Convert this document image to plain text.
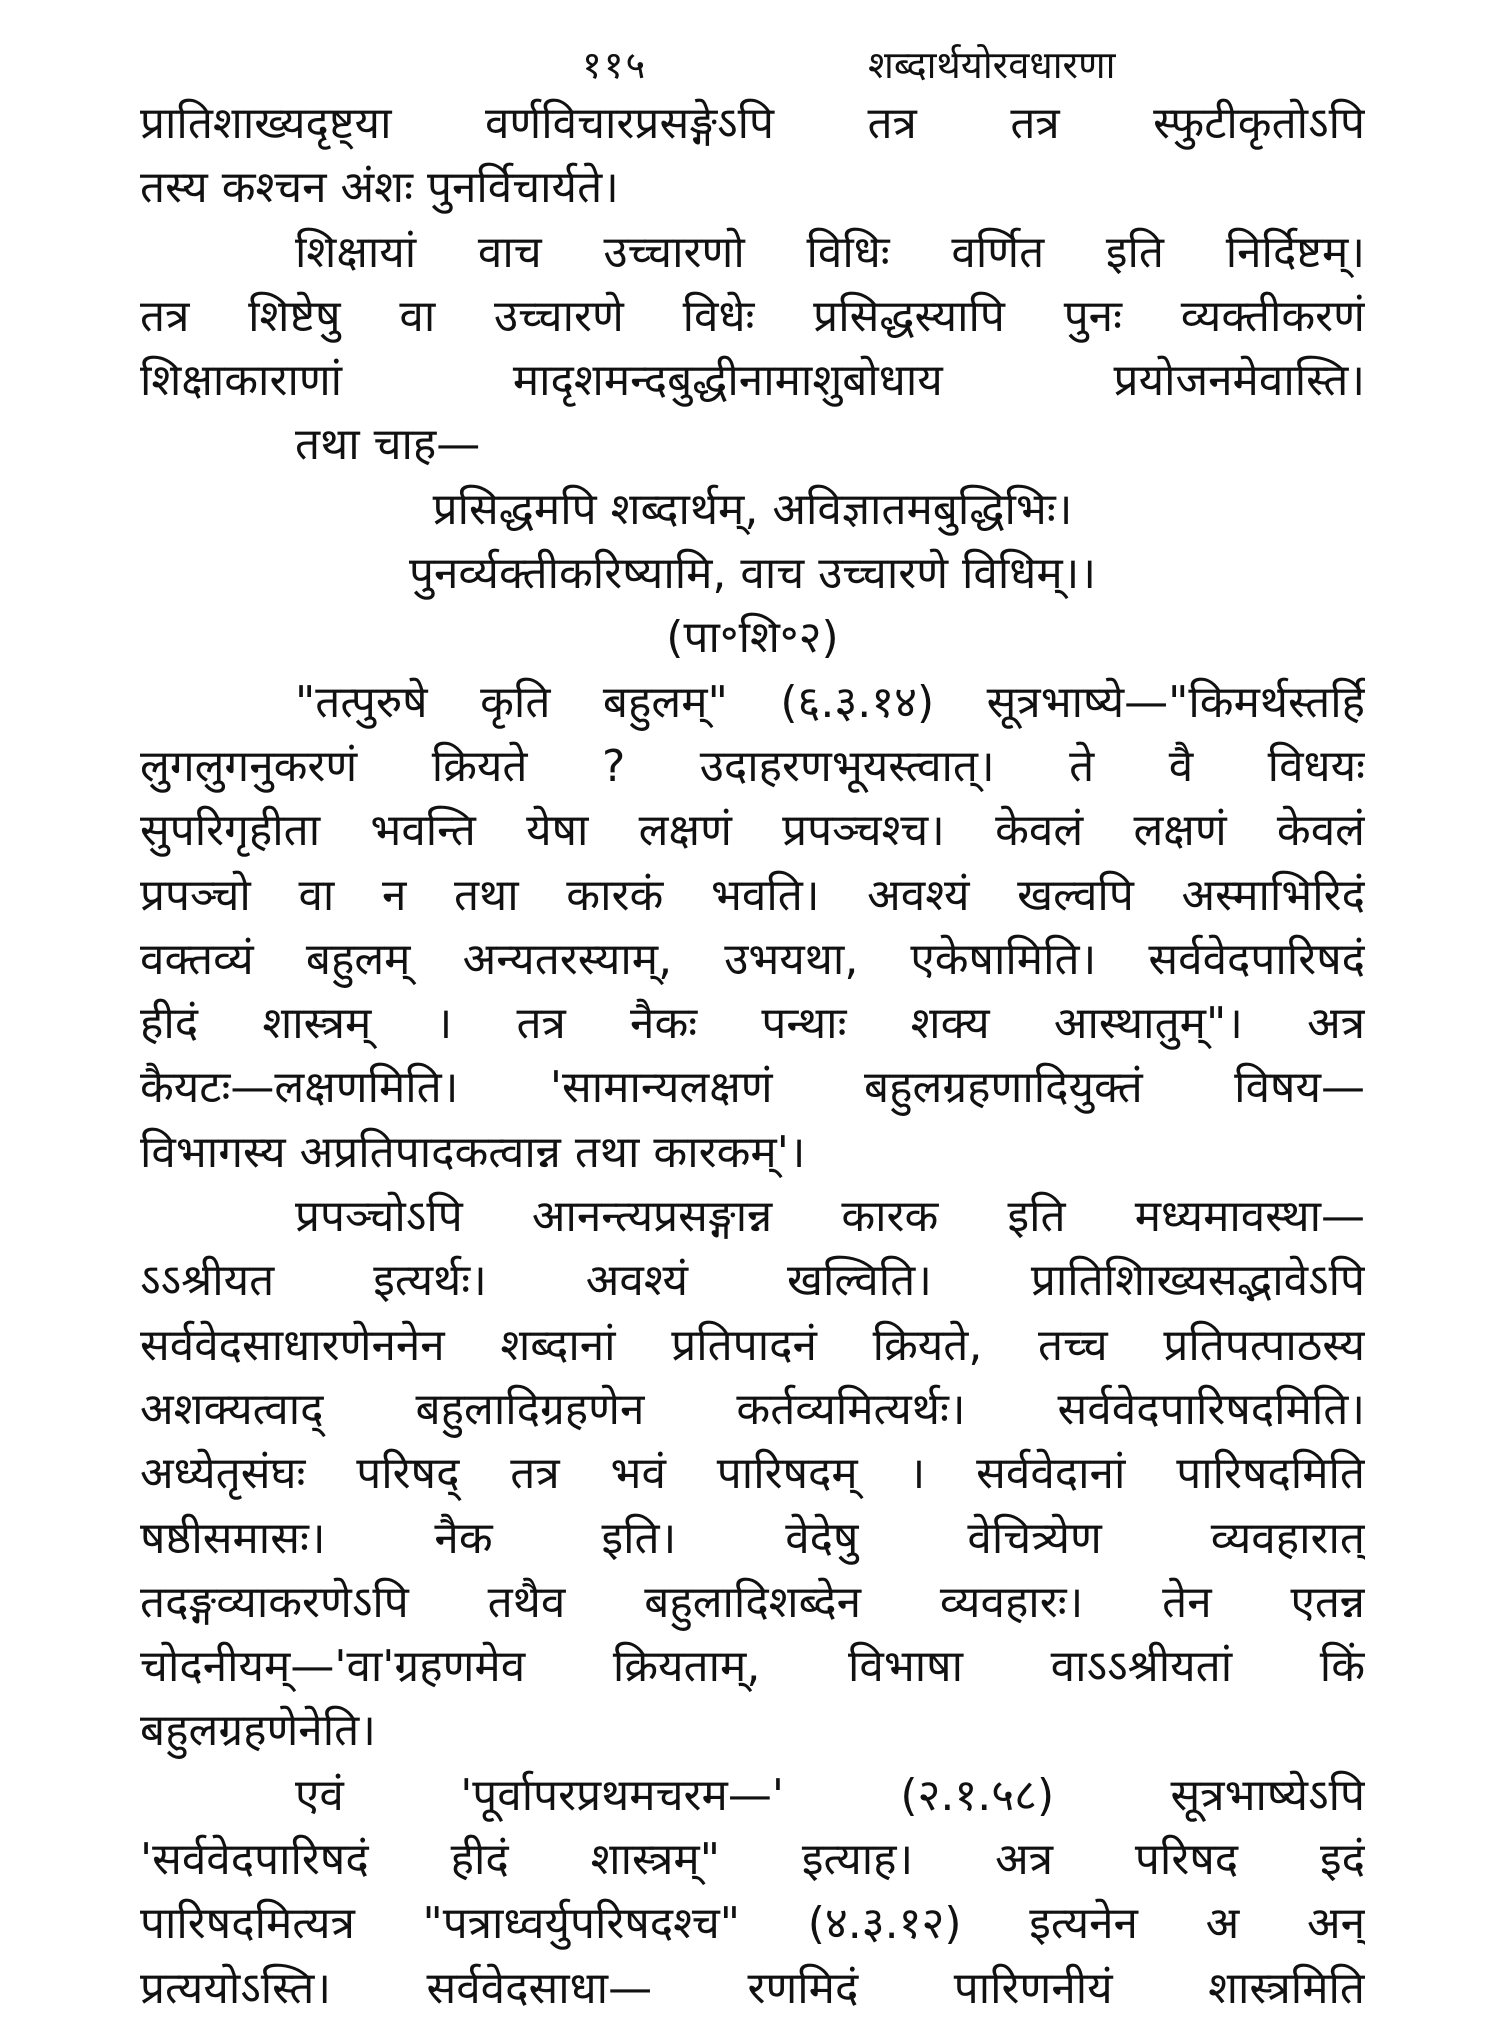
११५	शब्दार्थयोरवधारणा
प्रातिशाख्यदृष्ट्या वर्णविचारप्रसङ्गेऽपि तत्र तत्र स्फुटीकृतोऽपि
तस्य कश्चन अंशः पुनर्विचार्यते।
शिक्षायां वाच उच्चारणो विधिः वर्णित इति निर्दिष्टम्।
तत्र शिष्टेषु वा उच्चारणे विधेः प्रसिद्धस्यापि पुनः व्यक्तीकरणं
शिक्षाकाराणां मादृशमन्दबुद्धीनामाशुबोधाय प्रयोजनमेवास्ति।
तथा चाह—
प्रसिद्धमपि शब्दार्थम्, अविज्ञातमबुद्धिभिः।
पुनर्व्यक्तीकरिष्यामि, वाच उच्चारणे विधिम्।।
(पा॰शि॰२)
"तत्पुरुषे कृति बहुलम्" (६.३.१४) सूत्रभाष्ये—"किमर्थस्तर्हि
लुगलुगनुकरणं क्रियते ? उदाहरणभूयस्त्वात्। ते वै विधयः
सुपरिगृहीता भवन्ति येषा लक्षणं प्रपञ्चश्च। केवलं लक्षणं केवलं
प्रपञ्चो वा न तथा कारकं भवति। अवश्यं खल्वपि अस्माभिरिदं
वक्तव्यं बहुलम् अन्यतरस्याम्, उभयथा, एकेषामिति। सर्ववेदपारिषदं
हीदं शास्त्रम् । तत्र नैकः पन्थाः शक्य आस्थातुम्"। अत्र
कैयटः—लक्षणमिति। 'सामान्यलक्षणं बहुलग्रहणादियुक्तं विषय—
विभागस्य अप्रतिपादकत्वान्न तथा कारकम्'।
प्रपञ्चोऽपि आनन्त्यप्रसङ्गान्न कारक इति मध्यमावस्था—
ऽऽश्रीयत इत्यर्थः। अवश्यं खल्विति। प्रातिशिाख्यसद्भावेऽपि
सर्ववेदसाधारणेननेन शब्दानां प्रतिपादनं क्रियते, तच्च प्रतिपत्पाठस्य
अशक्यत्वाद् बहुलादिग्रहणेन कर्तव्यमित्यर्थः। सर्ववेदपारिषदमिति।
अध्येतृसंघः परिषद् तत्र भवं पारिषदम् । सर्ववेदानां पारिषदमिति
षष्ठीसमासः। नैक इति। वेदेषु वेचित्र्येण व्यवहारात्
तदङ्गव्याकरणेऽपि तथैव बहुलादिशब्देन व्यवहारः। तेन एतन्न
चोदनीयम्—'वा'ग्रहणमेव क्रियताम्, विभाषा वाऽऽश्रीयतां किं
बहुलग्रहणेनेति।
एवं 'पूर्वापरप्रथमचरम—' (२.१.५८) सूत्रभाष्येऽपि
'सर्ववेदपारिषदं हीदं शास्त्रम्" इत्याह। अत्र परिषद इदं
पारिषदमित्यत्र "पत्राध्वर्युपरिषदश्च" (४.३.१२) इत्यनेन अ अन्
प्रत्ययोऽस्ति। सर्ववेदसाधा— रणमिदं पारिणनीयं शास्त्रमिति
